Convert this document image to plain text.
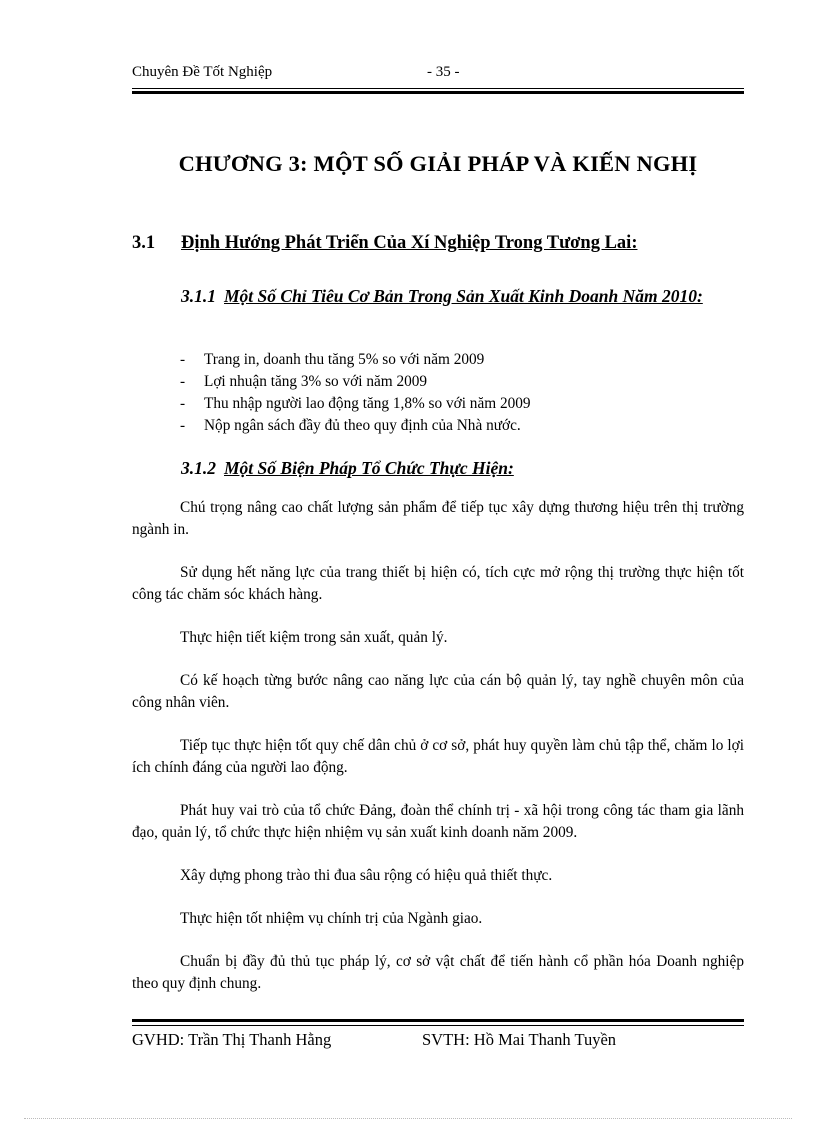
Chuyên Đề Tốt Nghiệp	- 35 -
CHƯƠNG 3: MỘT SỐ GIẢI PHÁP VÀ KIẾN NGHỊ
3.1 Định Hướng Phát Triển Của Xí Nghiệp Trong Tương Lai:
3.1.1 Một Số Chỉ Tiêu Cơ Bản Trong Sản Xuất Kinh Doanh Năm 2010:
- Trang in, doanh thu tăng 5% so với năm 2009
- Lợi nhuận tăng 3% so với năm 2009
- Thu nhập người lao động tăng 1,8% so với năm 2009
- Nộp ngân sách đầy đủ theo quy định của Nhà nước.
3.1.2 Một Số Biện Pháp Tổ Chức Thực Hiện:

Chú trọng nâng cao chất lượng sản phẩm để tiếp tục xây dựng thương hiệu trên thị trường ngành in.

Sử dụng hết năng lực của trang thiết bị hiện có, tích cực mở rộng thị trường thực hiện tốt công tác chăm sóc khách hàng.

Thực hiện tiết kiệm trong sản xuất, quản lý.

Có kế hoạch từng bước nâng cao năng lực của cán bộ quản lý, tay nghề chuyên môn của công nhân viên.

Tiếp tục thực hiện tốt quy chế dân chủ ở cơ sở, phát huy quyền làm chủ tập thể, chăm lo lợi ích chính đáng của người lao động.

Phát huy vai trò của tổ chức Đảng, đoàn thể chính trị - xã hội trong công tác tham gia lãnh đạo, quản lý, tổ chức thực hiện nhiệm vụ sản xuất kinh doanh năm 2009.

Xây dựng phong trào thi đua sâu rộng có hiệu quả thiết thực.

Thực hiện tốt nhiệm vụ chính trị của Ngành giao.

Chuẩn bị đầy đủ thủ tục pháp lý, cơ sở vật chất để tiến hành cổ phần hóa Doanh nghiệp theo quy định chung.

GVHD: Trần Thị Thanh Hằng	SVTH: Hồ Mai Thanh Tuyền
